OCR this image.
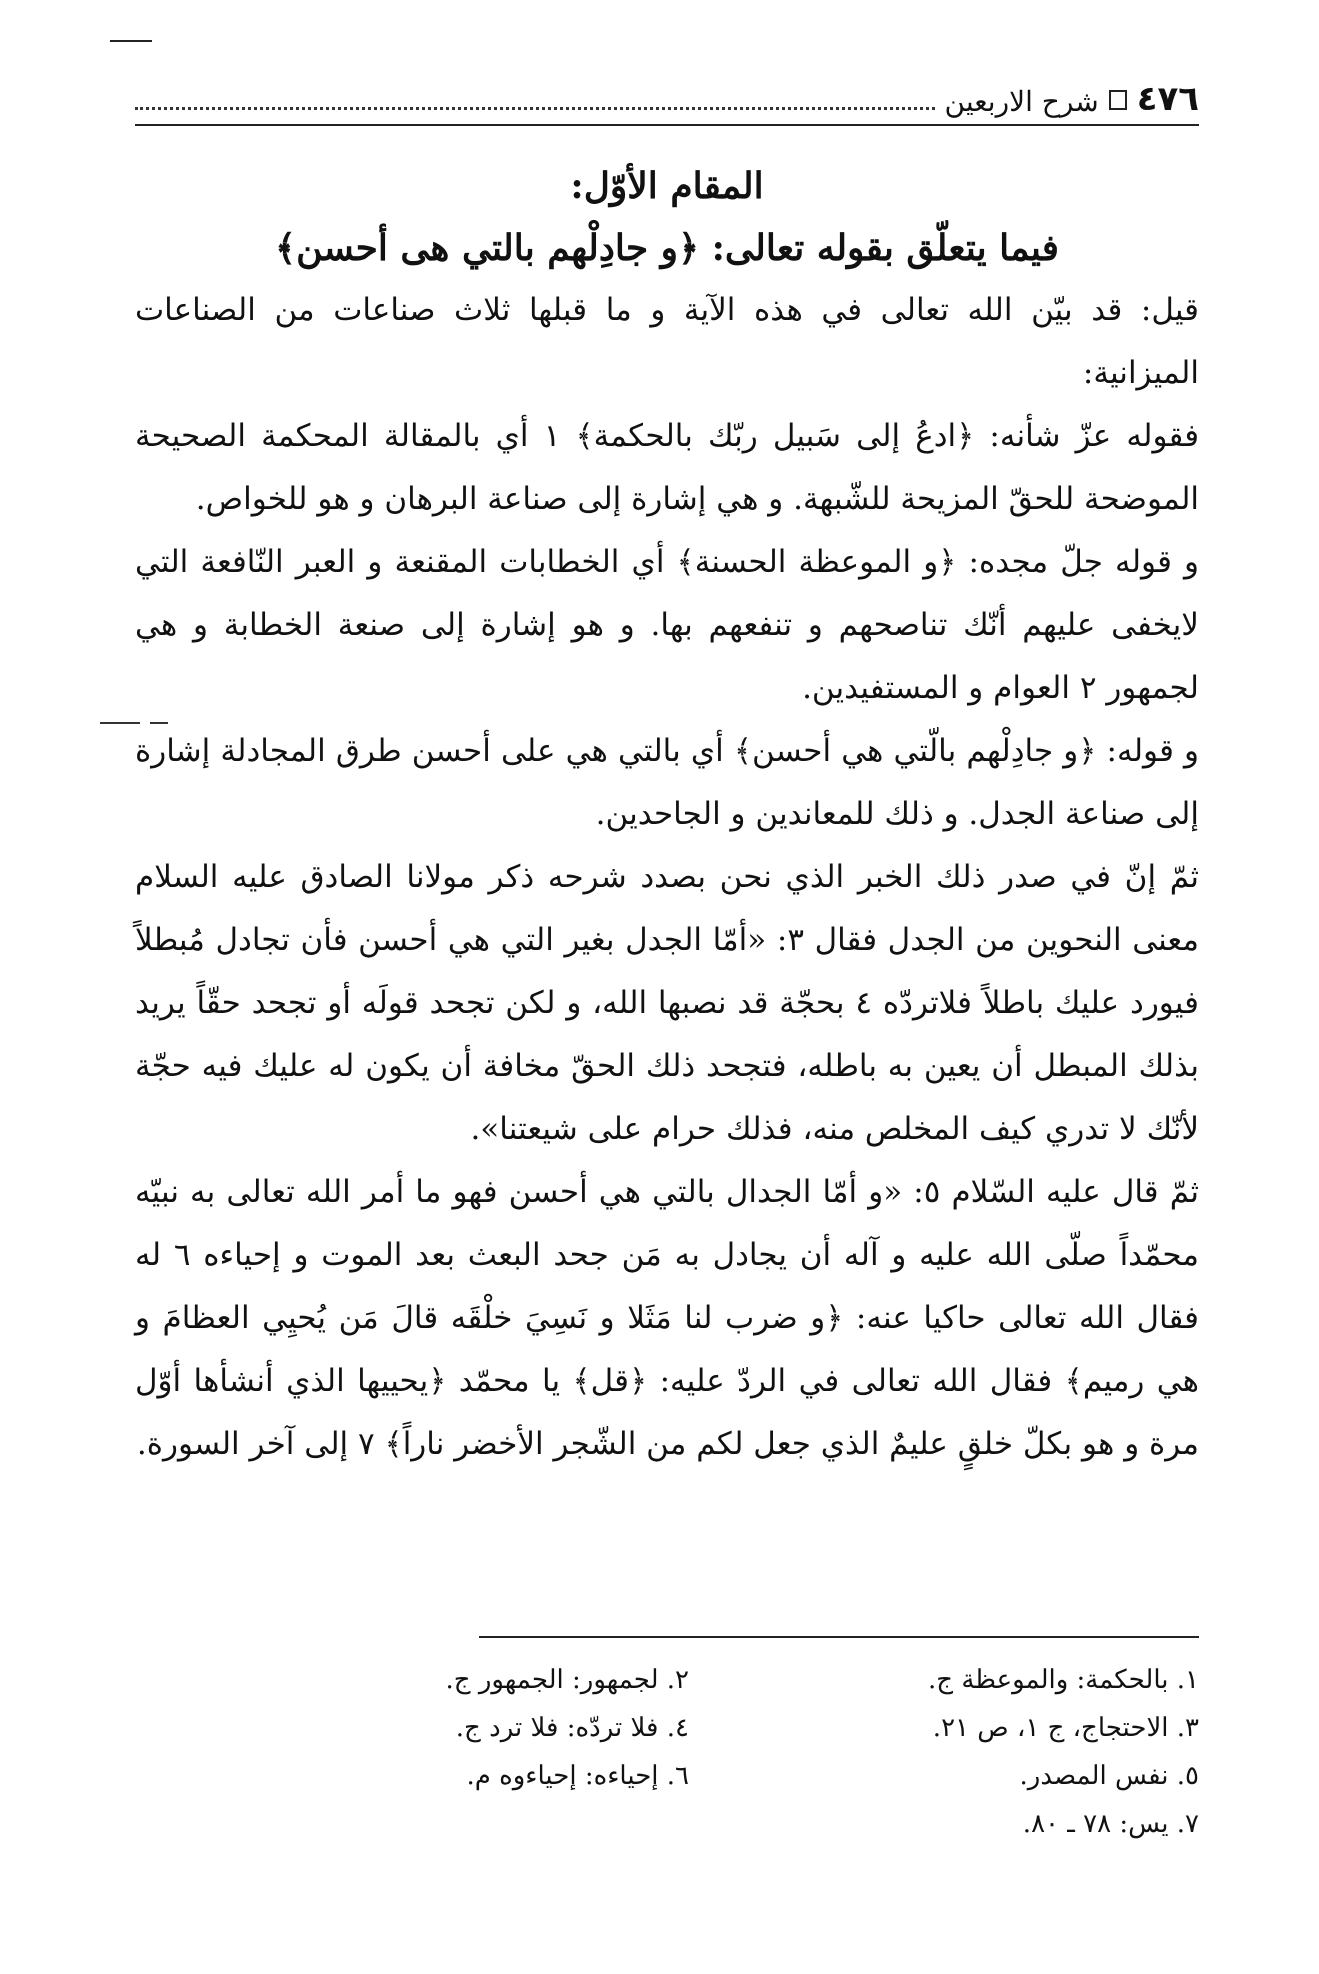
٤٧٦
شرح الاربعين

المقام الأوّل:

فيما يتعلّق بقوله تعالى: ﴿و جادِلْهم بالتي هى أحسن﴾

قيل: قد بيّن الله تعالى في هذه الآية و ما قبلها ثلاث صناعات من الصناعات الميزانية:

فقوله عزّ شأنه: ﴿ادعُ إلى سَبيل ربّك بالحكمة﴾ ١ أي بالمقالة المحكمة الصحيحة الموضحة للحقّ المزيحة للشّبهة. و هي إشارة إلى صناعة البرهان و هو للخواص.

و قوله جلّ مجده: ﴿و الموعظة الحسنة﴾ أي الخطابات المقنعة و العبر النّافعة التي لايخفى عليهم أنّك تناصحهم و تنفعهم بها. و هو إشارة إلى صنعة الخطابة و هي لجمهور ٢ العوام و المستفيدين.

و قوله: ﴿و جادِلْهم بالّتي هي أحسن﴾ أي بالتي هي على أحسن طرق المجادلة إشارة إلى صناعة الجدل. و ذلك للمعاندين و الجاحدين.

ثمّ إنّ في صدر ذلك الخبر الذي نحن بصدد شرحه ذكر مولانا الصادق عليه السلام معنى النحوين من الجدل فقال ٣: «أمّا الجدل بغير التي هي أحسن فأن تجادل مُبطلاً فيورد عليك باطلاً فلاتردّه ٤ بحجّة قد نصبها الله، و لكن تجحد قولَه أو تجحد حقّاً يريد بذلك المبطل أن يعين به باطله، فتجحد ذلك الحقّ مخافة أن يكون له عليك فيه حجّة لأنّك لا تدري كيف المخلص منه، فذلك حرام على شيعتنا».

ثمّ قال عليه السّلام ٥: «و أمّا الجدال بالتي هي أحسن فهو ما أمر الله تعالى به نبيّه محمّداً صلّى الله عليه و آله أن يجادل به مَن جحد البعث بعد الموت و إحياءه ٦ له فقال الله تعالى حاكيا عنه: ﴿و ضرب لنا مَثَلا و نَسِيَ خلْقَه قالَ مَن يُحيِي العظامَ و هي رميم﴾ فقال الله تعالى في الردّ عليه: ﴿قل﴾ يا محمّد ﴿يحييها الذي أنشأها أوّل مرة و هو بكلّ خلقٍ عليمٌ الذي جعل لكم من الشّجر الأخضر ناراً﴾ ٧ إلى آخر السورة.

١. بالحكمة: والموعظة ج.
٢. لجمهور: الجمهور ج.
٣. الاحتجاج، ج ١، ص ٢١.
٤. فلا تردّه: فلا ترد ج.
٥. نفس المصدر.
٦. إحياءه: إحياءوه م.
٧. يس: ٧٨ ـ ٨٠.
